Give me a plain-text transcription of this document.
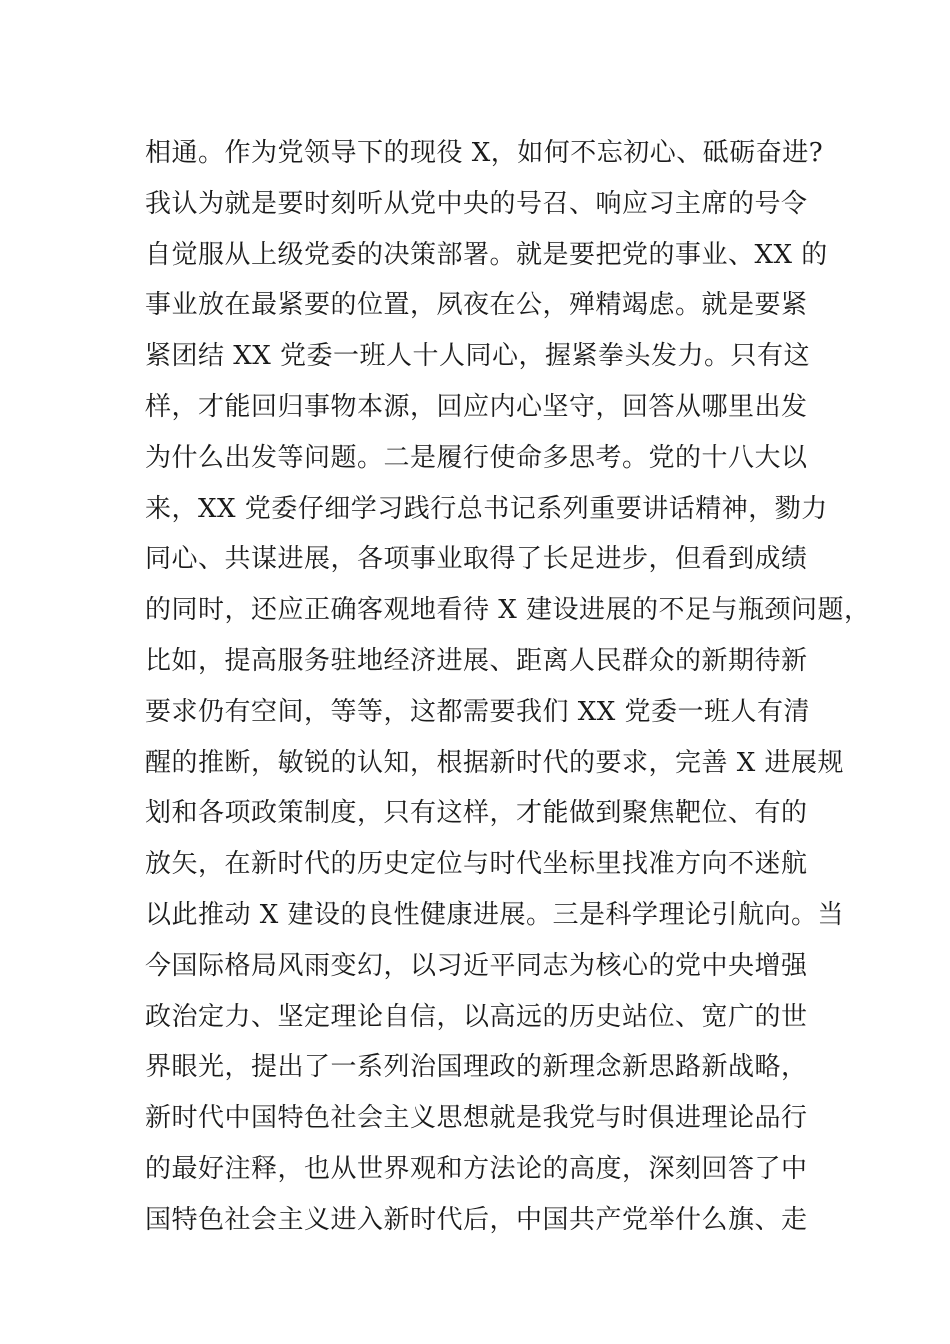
相通。作为党领导下的现役 X，如何不忘初心、砥砺奋进?
我认为就是要时刻听从党中央的号召、响应习主席的号令
自觉服从上级党委的决策部署。就是要把党的事业、XX 的
事业放在最紧要的位置，夙夜在公，殚精竭虑。就是要紧
紧团结 XX 党委一班人十人同心，握紧拳头发力。只有这
样，才能回归事物本源，回应内心坚守，回答从哪里出发
为什么出发等问题。二是履行使命多思考。党的十八大以
来，XX 党委仔细学习践行总书记系列重要讲话精神，勠力
同心、共谋进展，各项事业取得了长足进步，但看到成绩
的同时，还应正确客观地看待 X 建设进展的不足与瓶颈问题，
比如，提高服务驻地经济进展、距离人民群众的新期待新
要求仍有空间，等等，这都需要我们 XX 党委一班人有清
醒的推断，敏锐的认知，根据新时代的要求，完善 X 进展规
划和各项政策制度，只有这样，才能做到聚焦靶位、有的
放矢，在新时代的历史定位与时代坐标里找准方向不迷航
以此推动 X 建设的良性健康进展。三是科学理论引航向。当
今国际格局风雨变幻，以习近平同志为核心的党中央增强
政治定力、坚定理论自信，以高远的历史站位、宽广的世
界眼光，提出了一系列治国理政的新理念新思路新战略，
新时代中国特色社会主义思想就是我党与时俱进理论品行
的最好注释，也从世界观和方法论的高度，深刻回答了中
国特色社会主义进入新时代后，中国共产党举什么旗、走
